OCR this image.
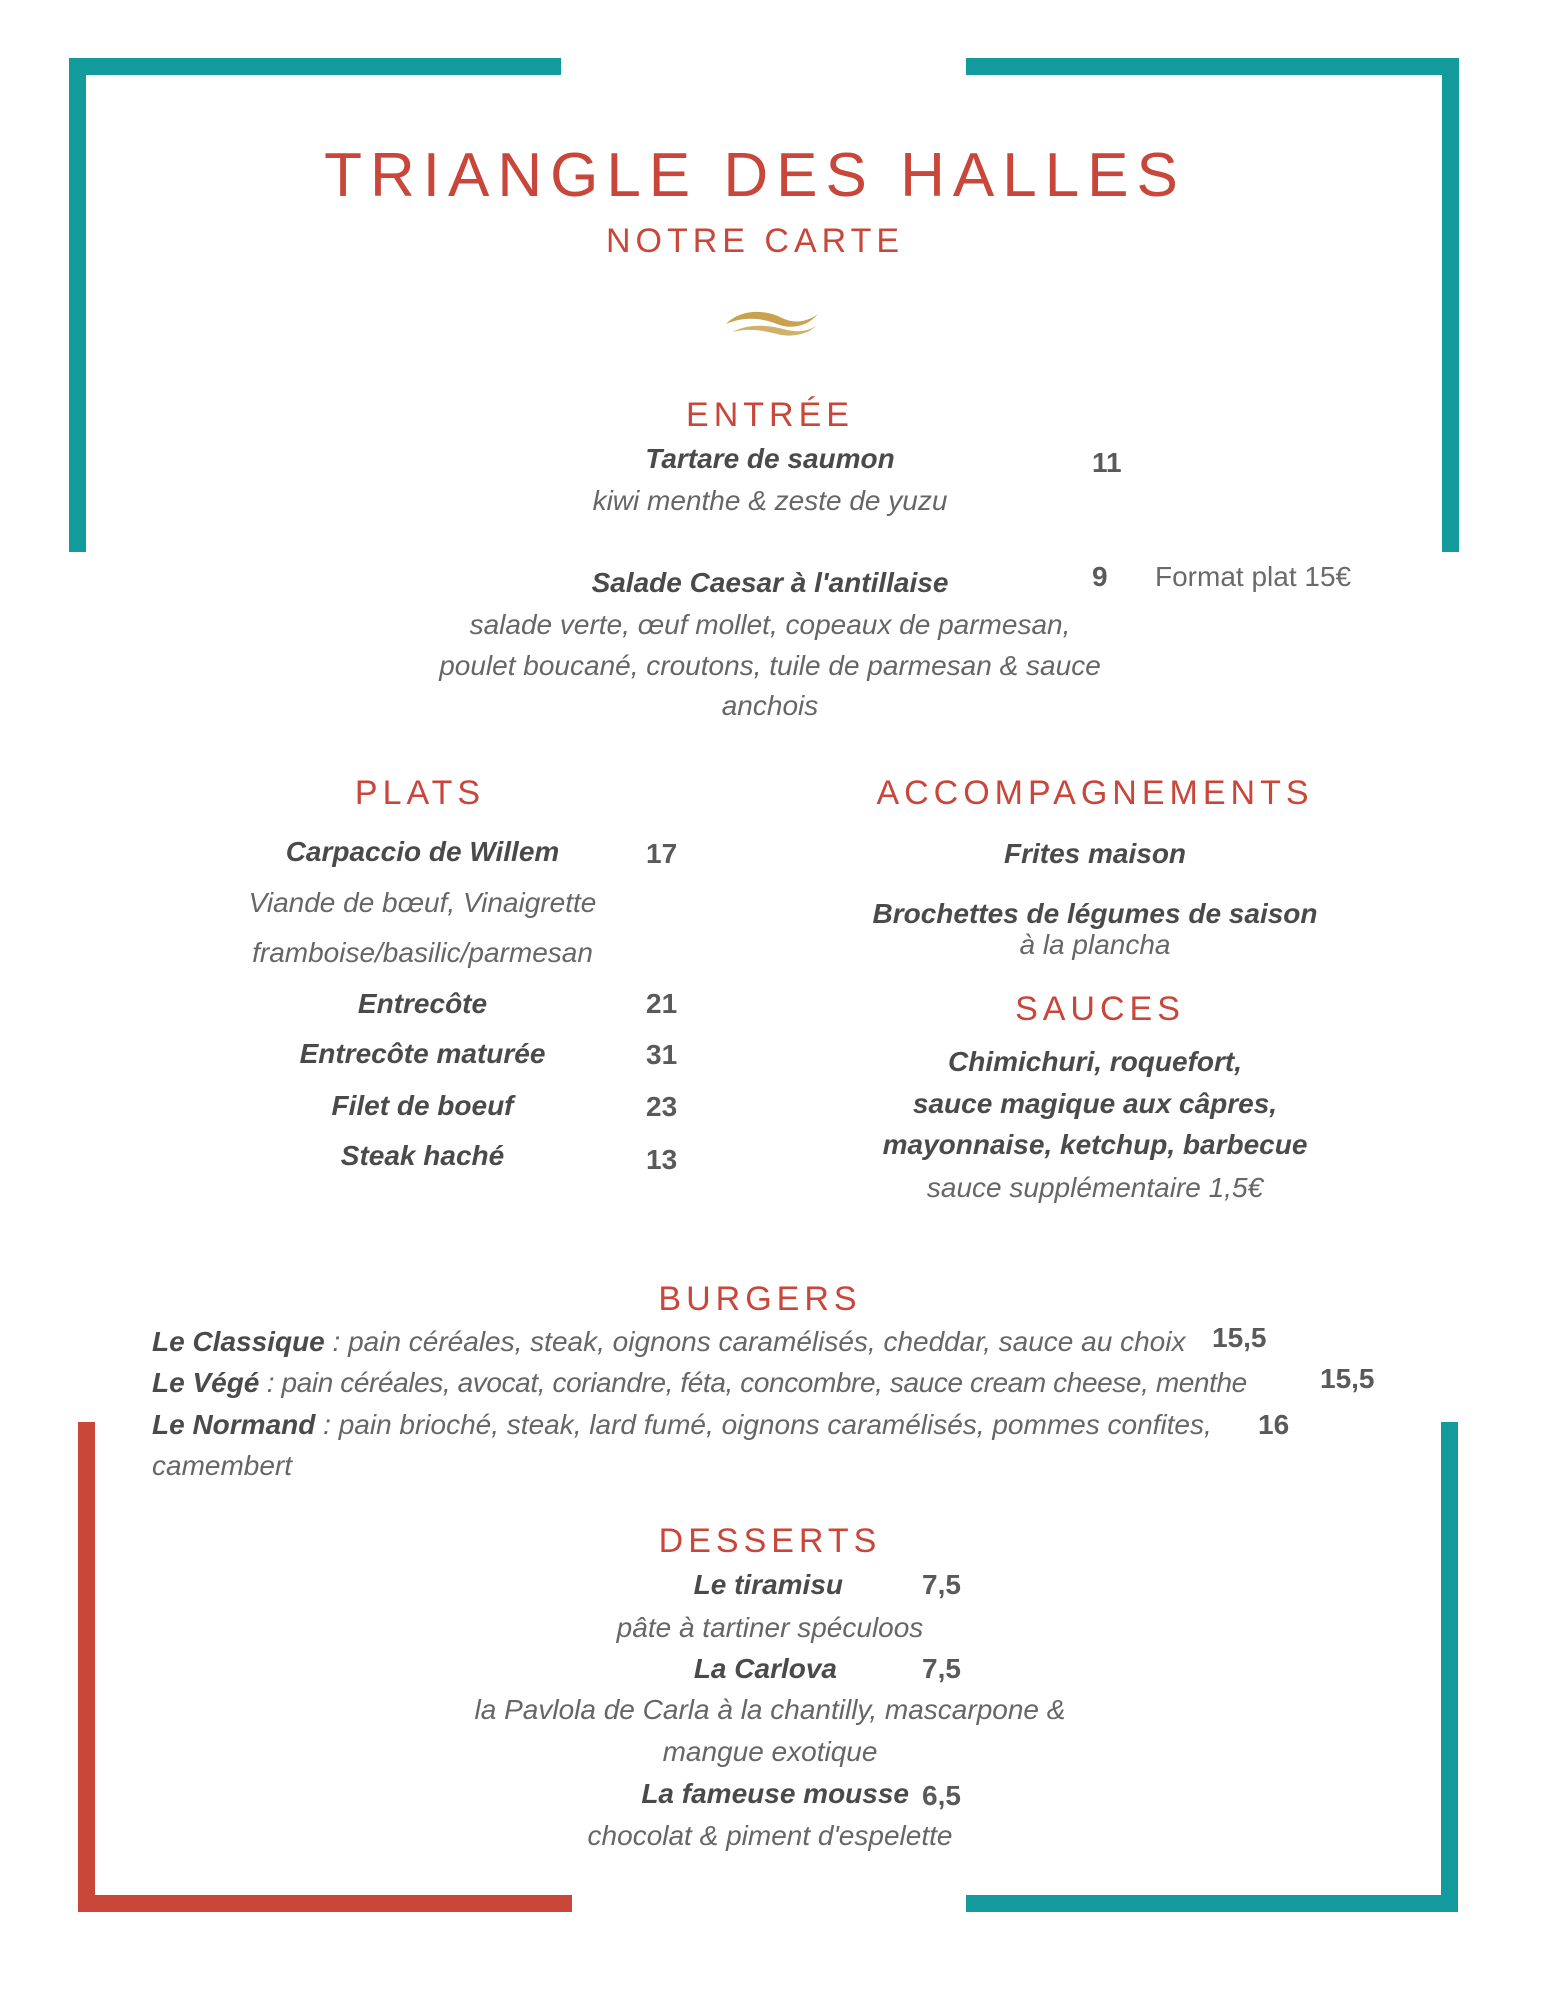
TRIANGLE DES HALLES
NOTRE CARTE
ENTRÉE
Tartare de saumon	11
kiwi menthe & zeste de yuzu
Salade Caesar à l'antillaise	9 Format plat 15€
salade verte, œuf mollet, copeaux de parmesan,
poulet boucané, croutons, tuile de parmesan & sauce
anchois
PLATS
Carpaccio de Willem	17
Viande de bœuf, Vinaigrette
framboise/basilic/parmesan
Entrecôte	21
Entrecôte maturée	31
Filet de boeuf	23
Steak haché	13
ACCOMPAGNEMENTS
Frites maison
Brochettes de légumes de saison
à la plancha
SAUCES
Chimichuri, roquefort,
sauce magique aux câpres,
mayonnaise, ketchup, barbecue
sauce supplémentaire 1,5€
BURGERS
Le Classique : pain céréales, steak, oignons caramélisés, cheddar, sauce au choix 15,5
Le Végé : pain céréales, avocat, coriandre, féta, concombre, sauce cream cheese, menthe	15,5
Le Normand : pain brioché, steak, lard fumé, oignons caramélisés, pommes confites, 16
camembert
DESSERTS
Le tiramisu	7,5
pâte à tartiner spéculoos
La Carlova	7,5
la Pavlola de Carla à la chantilly, mascarpone &
mangue exotique
La fameuse mousse 6,5
chocolat & piment d'espelette
